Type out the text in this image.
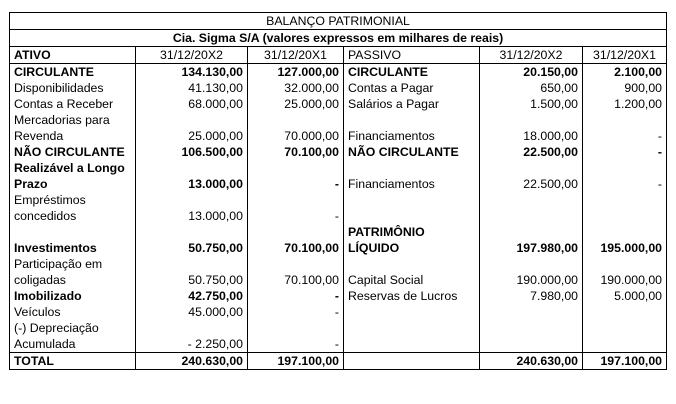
BALANÇO PATRIMONIAL					
Cia. Sigma S/A (valores expressos em milhares de reais)					
ATIVO	31/12/20X2	31/12/20X1	PASSIVO	31/12/20X2	31/12/20X1
CIRCULANTE	134.130,00	127.000,00	CIRCULANTE	20.150,00	2.100,00
Disponibilidades	41.130,00	32.000,00	Contas a Pagar	650,00	900,00
Contas a Receber	68.000,00	25.000,00	Salários a Pagar	1.500,00	1.200,00
Mercadorias para					
Revenda	25.000,00	70.000,00	Financiamentos	18.000,00	-
NÃO CIRCULANTE	106.500,00	70.100,00	NÃO CIRCULANTE	22.500,00	-
Realizável a Longo					
Prazo	13.000,00	-	Financiamentos	22.500,00	-
Empréstimos					
concedidos	13.000,00	-			
			PATRIMÔNIO		
Investimentos	50.750,00	70.100,00	LÍQUIDO	197.980,00	195.000,00
Participação em					
coligadas	50.750,00	70.100,00	Capital Social	190.000,00	190.000,00
Imobilizado	42.750,00	-	Reservas de Lucros	7.980,00	5.000,00
Veículos	45.000,00	-			
(-) Depreciação					
Acumulada	- 2.250,00	-			
TOTAL	240.630,00	197.100,00		240.630,00	197.100,00
